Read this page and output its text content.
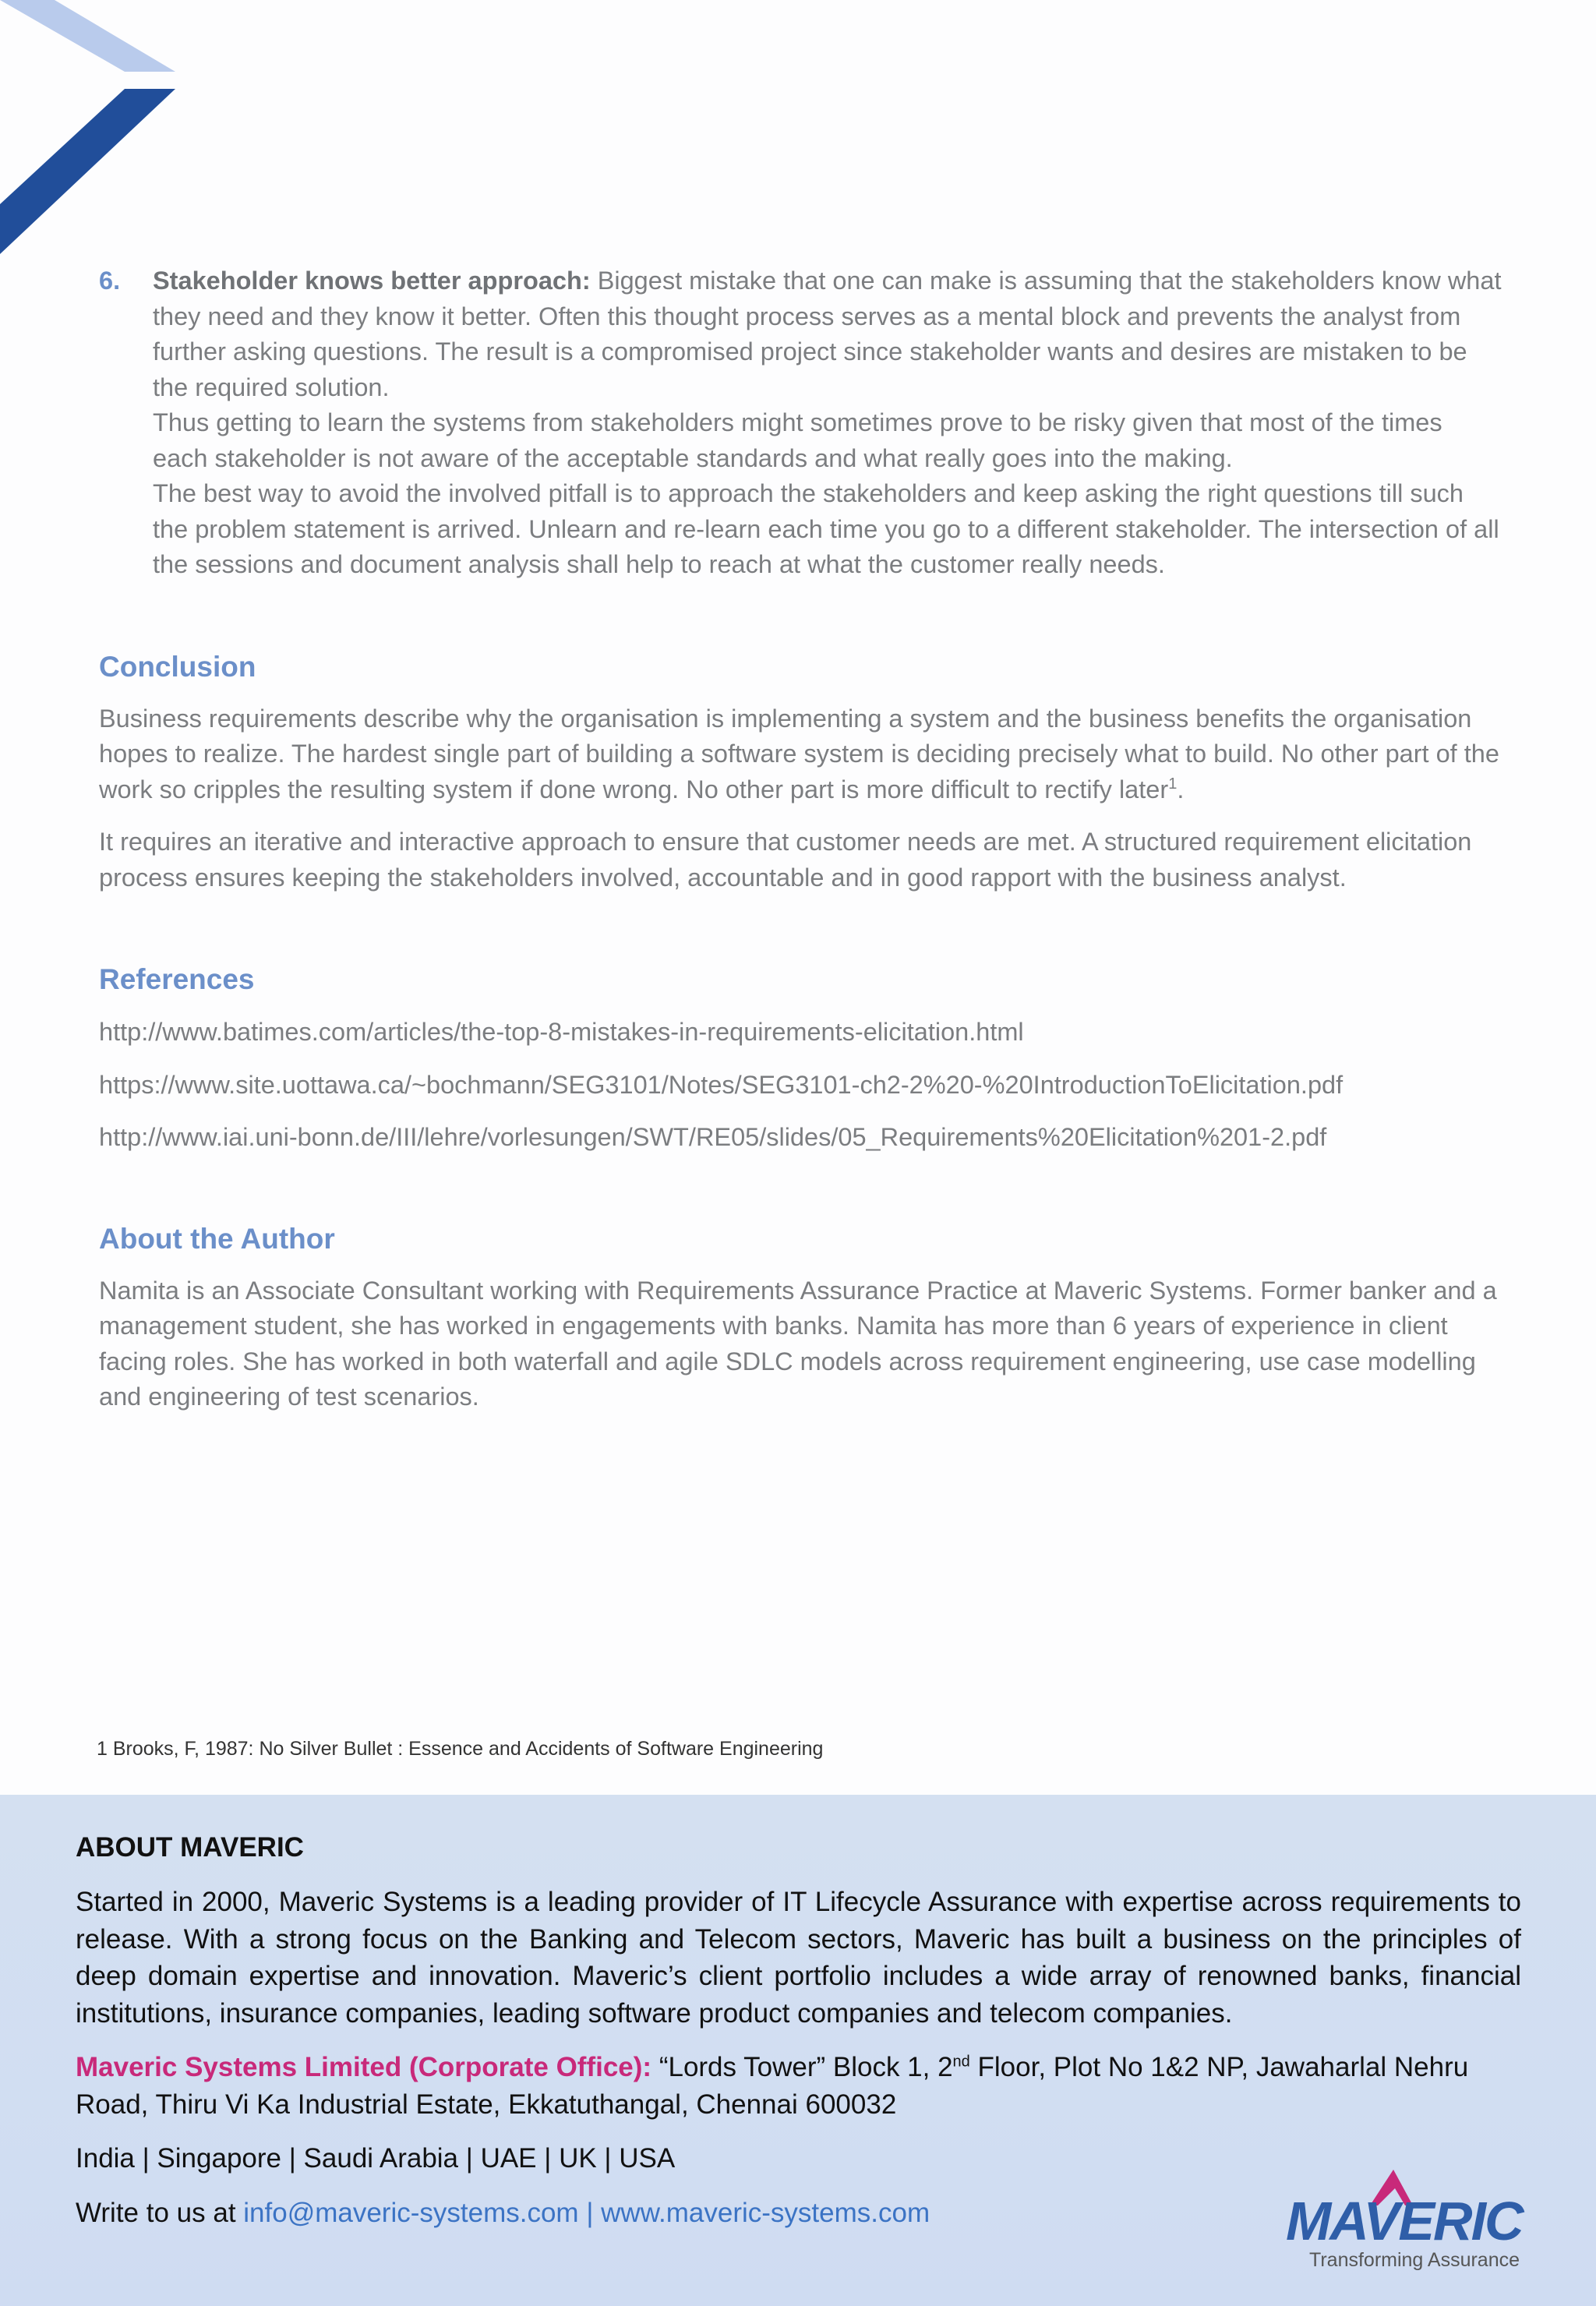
6. Stakeholder knows better approach: Biggest mistake that one can make is assuming that the stakeholders know what they need and they know it better. Often this thought process serves as a mental block and prevents the analyst from further asking questions. The result is a compromised project since stakeholder wants and desires are mistaken to be the required solution.

Thus getting to learn the systems from stakeholders might sometimes prove to be risky given that most of the times each stakeholder is not aware of the acceptable standards and what really goes into the making.

The best way to avoid the involved pitfall is to approach the stakeholders and keep asking the right questions till such the problem statement is arrived. Unlearn and re-learn each time you go to a different stakeholder. The intersection of all the sessions and document analysis shall help to reach at what the customer really needs.

Conclusion

Business requirements describe why the organisation is implementing a system and the business benefits the organisation hopes to realize. The hardest single part of building a software system is deciding precisely what to build. No other part of the work so cripples the resulting system if done wrong. No other part is more difficult to rectify later$^1$.

It requires an iterative and interactive approach to ensure that customer needs are met. A structured requirement elicitation process ensures keeping the stakeholders involved, accountable and in good rapport with the business analyst.

References

http://www.batimes.com/articles/the-top-8-mistakes-in-requirements-elicitation.html

https://www.site.uottawa.ca/~bochmann/SEG3101/Notes/SEG3101-ch2-2%20-%20IntroductionToElicitation.pdf

http://www.iai.uni-bonn.de/III/lehre/vorlesungen/SWT/RE05/slides/05_Requirements%20Elicitation%201-2.pdf

About the Author

Namita is an Associate Consultant working with Requirements Assurance Practice at Maveric Systems. Former banker and a management student, she has worked in engagements with banks. Namita has more than 6 years of experience in client facing roles. She has worked in both waterfall and agile SDLC models across requirement engineering, use case modelling and engineering of test scenarios.

1 Brooks, F, 1987: No Silver Bullet : Essence and Accidents of Software Engineering
ABOUT MAVERIC

Started in 2000, Maveric Systems is a leading provider of IT Lifecycle Assurance with expertise across requirements to release. With a strong focus on the Banking and Telecom sectors, Maveric has built a business on the principles of deep domain expertise and innovation. Maveric’s client portfolio includes a wide array of renowned banks, financial institutions, insurance companies, leading software product companies and telecom companies.

Maveric Systems Limited (Corporate Office): “Lords Tower” Block 1, 2nd Floor, Plot No 1&2 NP, Jawaharlal Nehru Road, Thiru Vi Ka Industrial Estate, Ekkatuthangal, Chennai 600032

India | Singapore | Saudi Arabia | UAE | UK | USA

Write to us at info@maveric-systems.com | www.maveric-systems.com	MAVERIC
Transforming Assurance
